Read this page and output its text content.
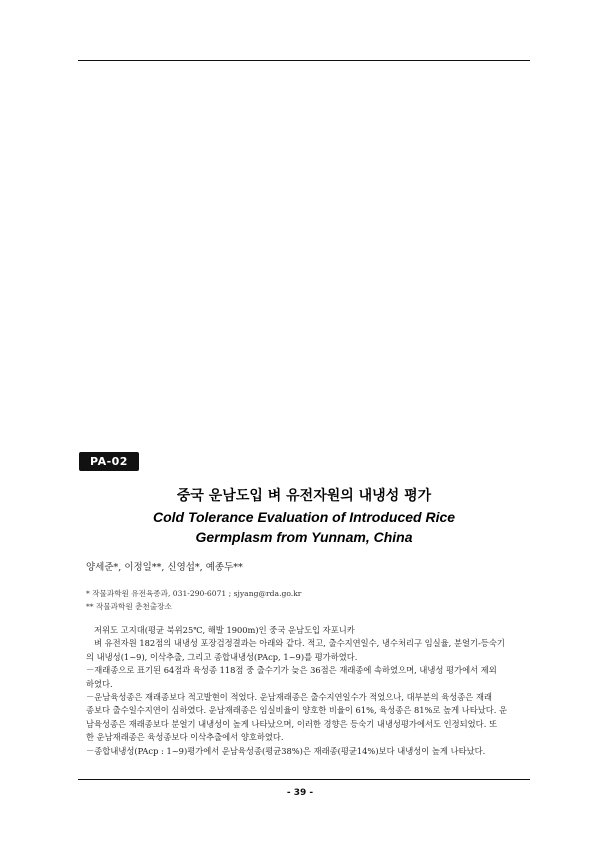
PA-02
중국 운남도입 벼 유전자원의 내냉성 평가
Cold Tolerance Evaluation of Introduced Rice
Germplasm from Yunnam, China
양세준*, 이정일**, 신영섭*, 예종두**
* 작물과학원 유전육종과, 031-290-6071 ; sjyang@rda.go.kr
** 작물과학원 춘천출장소

저위도 고지대(평균 북위25℃, 해발 1900m)인 중국 운남도입 자포니카

벼 유전자원 182점의 내냉성 포장검정결과는 아래와 같다. 적고, 출수지연일수, 냉수처리구 임실율, 분얼기-등숙기

의 내냉성(1~9), 이삭추출, 그리고 종합내냉성(PAcp, 1~9)를 평가하였다.

－재래종으로 표기된 64점과 육성종 118점 중 출수기가 늦은 36점은 재래종에 속하였으며, 내냉성 평가에서 제외

하였다.

－운남육성종은 재래종보다 적고발현이 적었다. 운남재래종은 출수지연일수가 적었으나, 대부분의 육성종은 재래

종보다 출수일수지연이 심하였다. 운남재래종은 임실비율이 양호한 비율이 61%, 육성종은 81%로 높게 나타났다. 운

남육성종은 재래종보다 분얼기 내냉성이 높게 나타났으며, 이러한 경향은 등숙기 내냉성평가에서도 인정되었다. 또

한 운남재래종은 육성종보다 이삭추출에서 양호하였다.

－종합내냉성(PAcp : 1~9)평가에서 운남육성종(평균38%)은 재래종(평균14%)보다 내냉성이 높게 나타났다.

- 39 -
